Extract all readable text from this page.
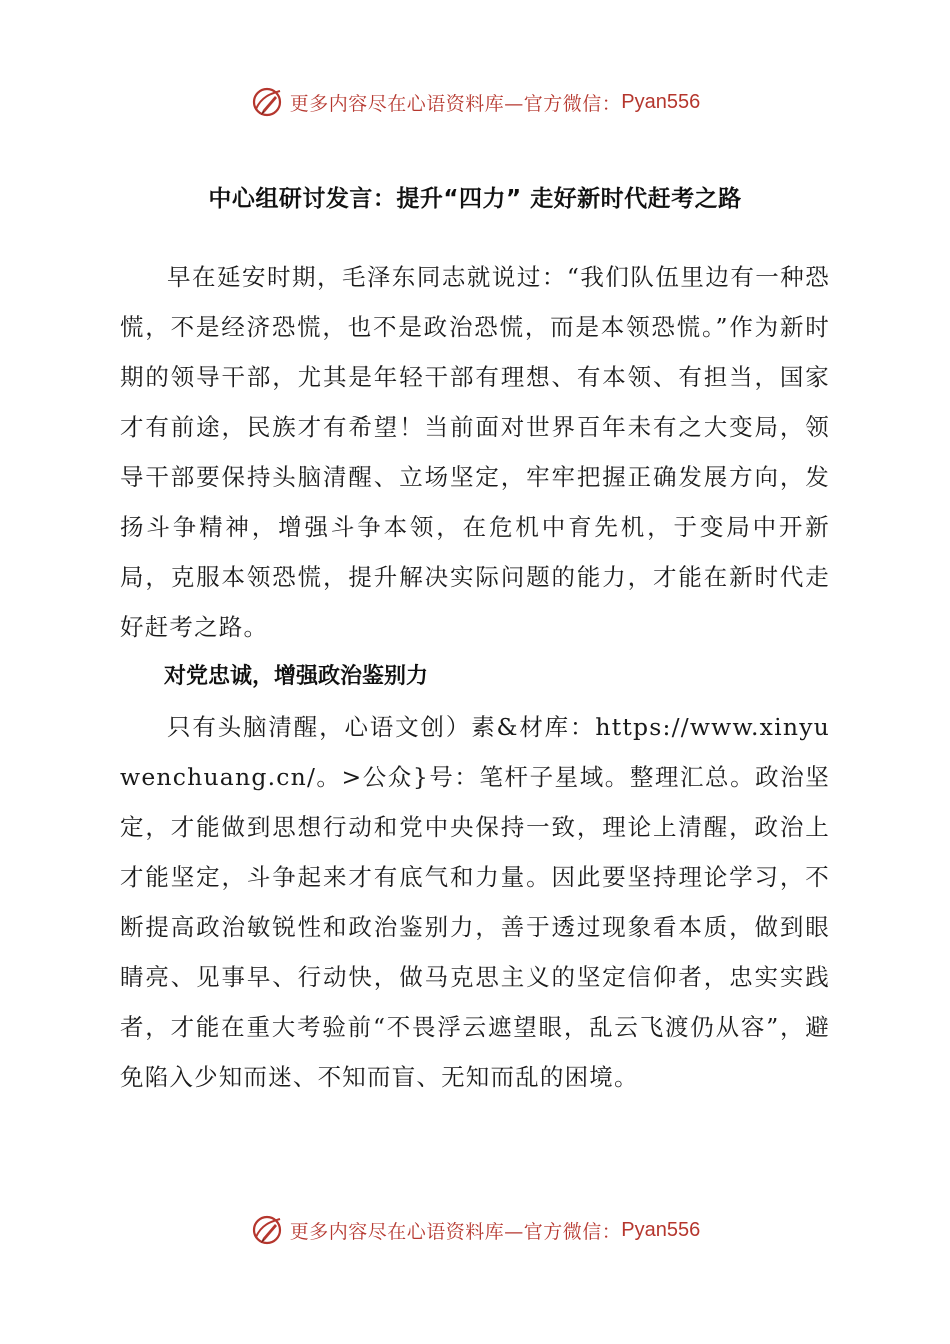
更多内容尽在心语资料库—官方微信： Pyan556
中心组研讨发言：提升“四力” 走好新时代赶考之路

早在延安时期，毛泽东同志就说过：“我们队伍里边有一种恐慌，不是经济恐慌，也不是政治恐慌，而是本领恐慌。”作为新时期的领导干部，尤其是年轻干部有理想、有本领、有担当，国家才有前途，民族才有希望！当前面对世界百年未有之大变局，领导干部要保持头脑清醒、立场坚定，牢牢把握正确发展方向，发扬斗争精神，增强斗争本领，在危机中育先机，于变局中开新局，克服本领恐慌，提升解决实际问题的能力，才能在新时代走好赶考之路。

对党忠诚，增强政治鉴别力

只有头脑清醒，心语文创）素&材库：https://www.xinyuwenchuang.cn/。>公众}号：笔杆子星域。整理汇总。政治坚定，才能做到思想行动和党中央保持一致，理论上清醒，政治上才能坚定，斗争起来才有底气和力量。因此要坚持理论学习，不断提高政治敏锐性和政治鉴别力，善于透过现象看本质，做到眼睛亮、见事早、行动快，做马克思主义的坚定信仰者，忠实实践者，才能在重大考验前“不畏浮云遮望眼，乱云飞渡仍从容”，避免陷入少知而迷、不知而盲、无知而乱的困境。

更多内容尽在心语资料库—官方微信： Pyan556
